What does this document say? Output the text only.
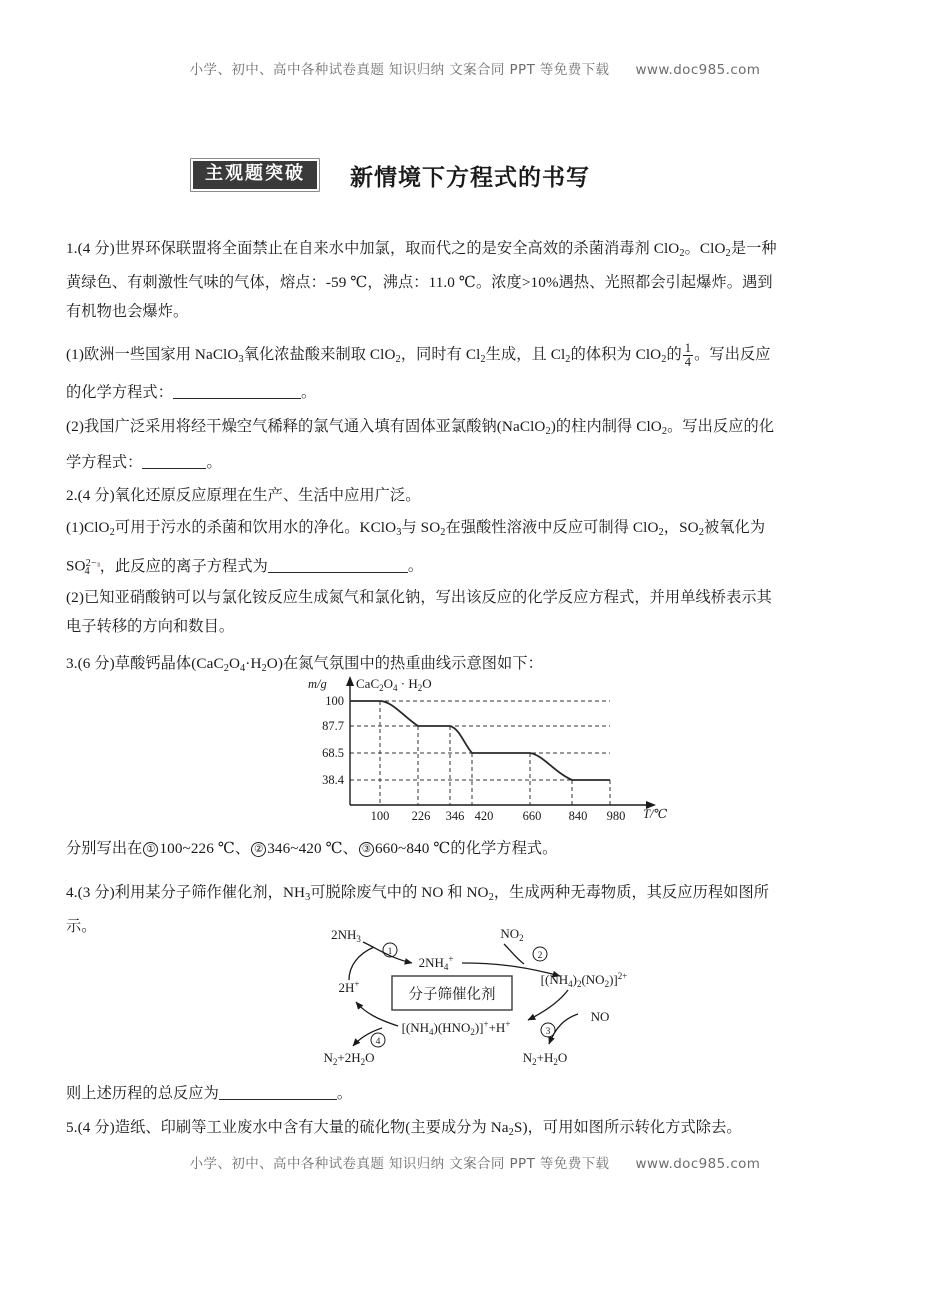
小学、初中、高中各种试卷真题 知识归纳 文案合同 PPT 等免费下载 www.doc985.com
主观题突破	新情境下方程式的书写
1.(4 分)世界环保联盟将全面禁止在自来水中加氯，取而代之的是安全高效的杀菌消毒剂 ClO$_2$。ClO$_2$是一种
黄绿色、有刺激性气味的气体，熔点：-59 ℃，沸点：11.0 ℃。浓度>10%遇热、光照都会引起爆炸。遇到
有机物也会爆炸。
(1)欧洲一些国家用 NaClO$_3$氧化浓盐酸来制取 ClO$_2$，同时有 $Cl_2$生成，且 $Cl_2$的体积为 ClO$_2$的 $\frac{1}{4}$ 。写出反应
的化学方程式：	。
(2)我国广泛采用将经干燥空气稀释的氯气通入填有固体亚氯酸钠(NaClO$_2$)的柱内制得 ClO$_2$。写出反应的化
学方程式：	。
2.(4 分)氧化还原反应原理在生产、生活中应用广泛。
(1)ClO$_2$可用于污水的杀菌和饮用水的净化。KClO$_3$与 $SO_2$在强酸性溶液中反应可制得 ClO$_2$，$SO_2$被氧化为
$SO^{2-ıı}_4$ ，此反应的离子方程式为	。
(2)已知亚硝酸钠可以与氯化铵反应生成氮气和氯化钠，写出该反应的化学反应方程式，并用单线桥表示其
电子转移的方向和数目。
3.(6 分)草酸钙晶体$(CaC_2O_4\cdot H_2O)$在氮气氛围中的热重曲线示意图如下：
m/g $CaC_2O_4 \cdot H_2O$
100
87.7
68.5
38.4
100 226 346 420 660 840 980 T/℃
分别写出在 ① 100~226 ℃、 ② 346~420 ℃、 ③ 660~840 ℃的化学方程式。
4.(3 分)利用某分子筛作催化剂，$NH_3$可脱除废气中的 NO 和 $NO_2$，生成两种无毒物质，其反应历程如图所
示。
分子筛催化剂
$2NH_3$
$2NH_4^+$
$NO_2$
$[(NH_4)_2(NO_2)]^{2+}$
NO
$N_2+H_2O$
$[(NH_4)(HNO_2)]^++H^+$
$N_2+2H_2O$
2H+
1	2
3
4
则上述历程的总反应为	。
5.(4 分)造纸、印刷等工业废水中含有大量的硫化物(主要成分为 $Na_2S$)，可用如图所示转化方式除去。
小学、初中、高中各种试卷真题 知识归纳 文案合同 PPT 等免费下载 www.doc985.com
